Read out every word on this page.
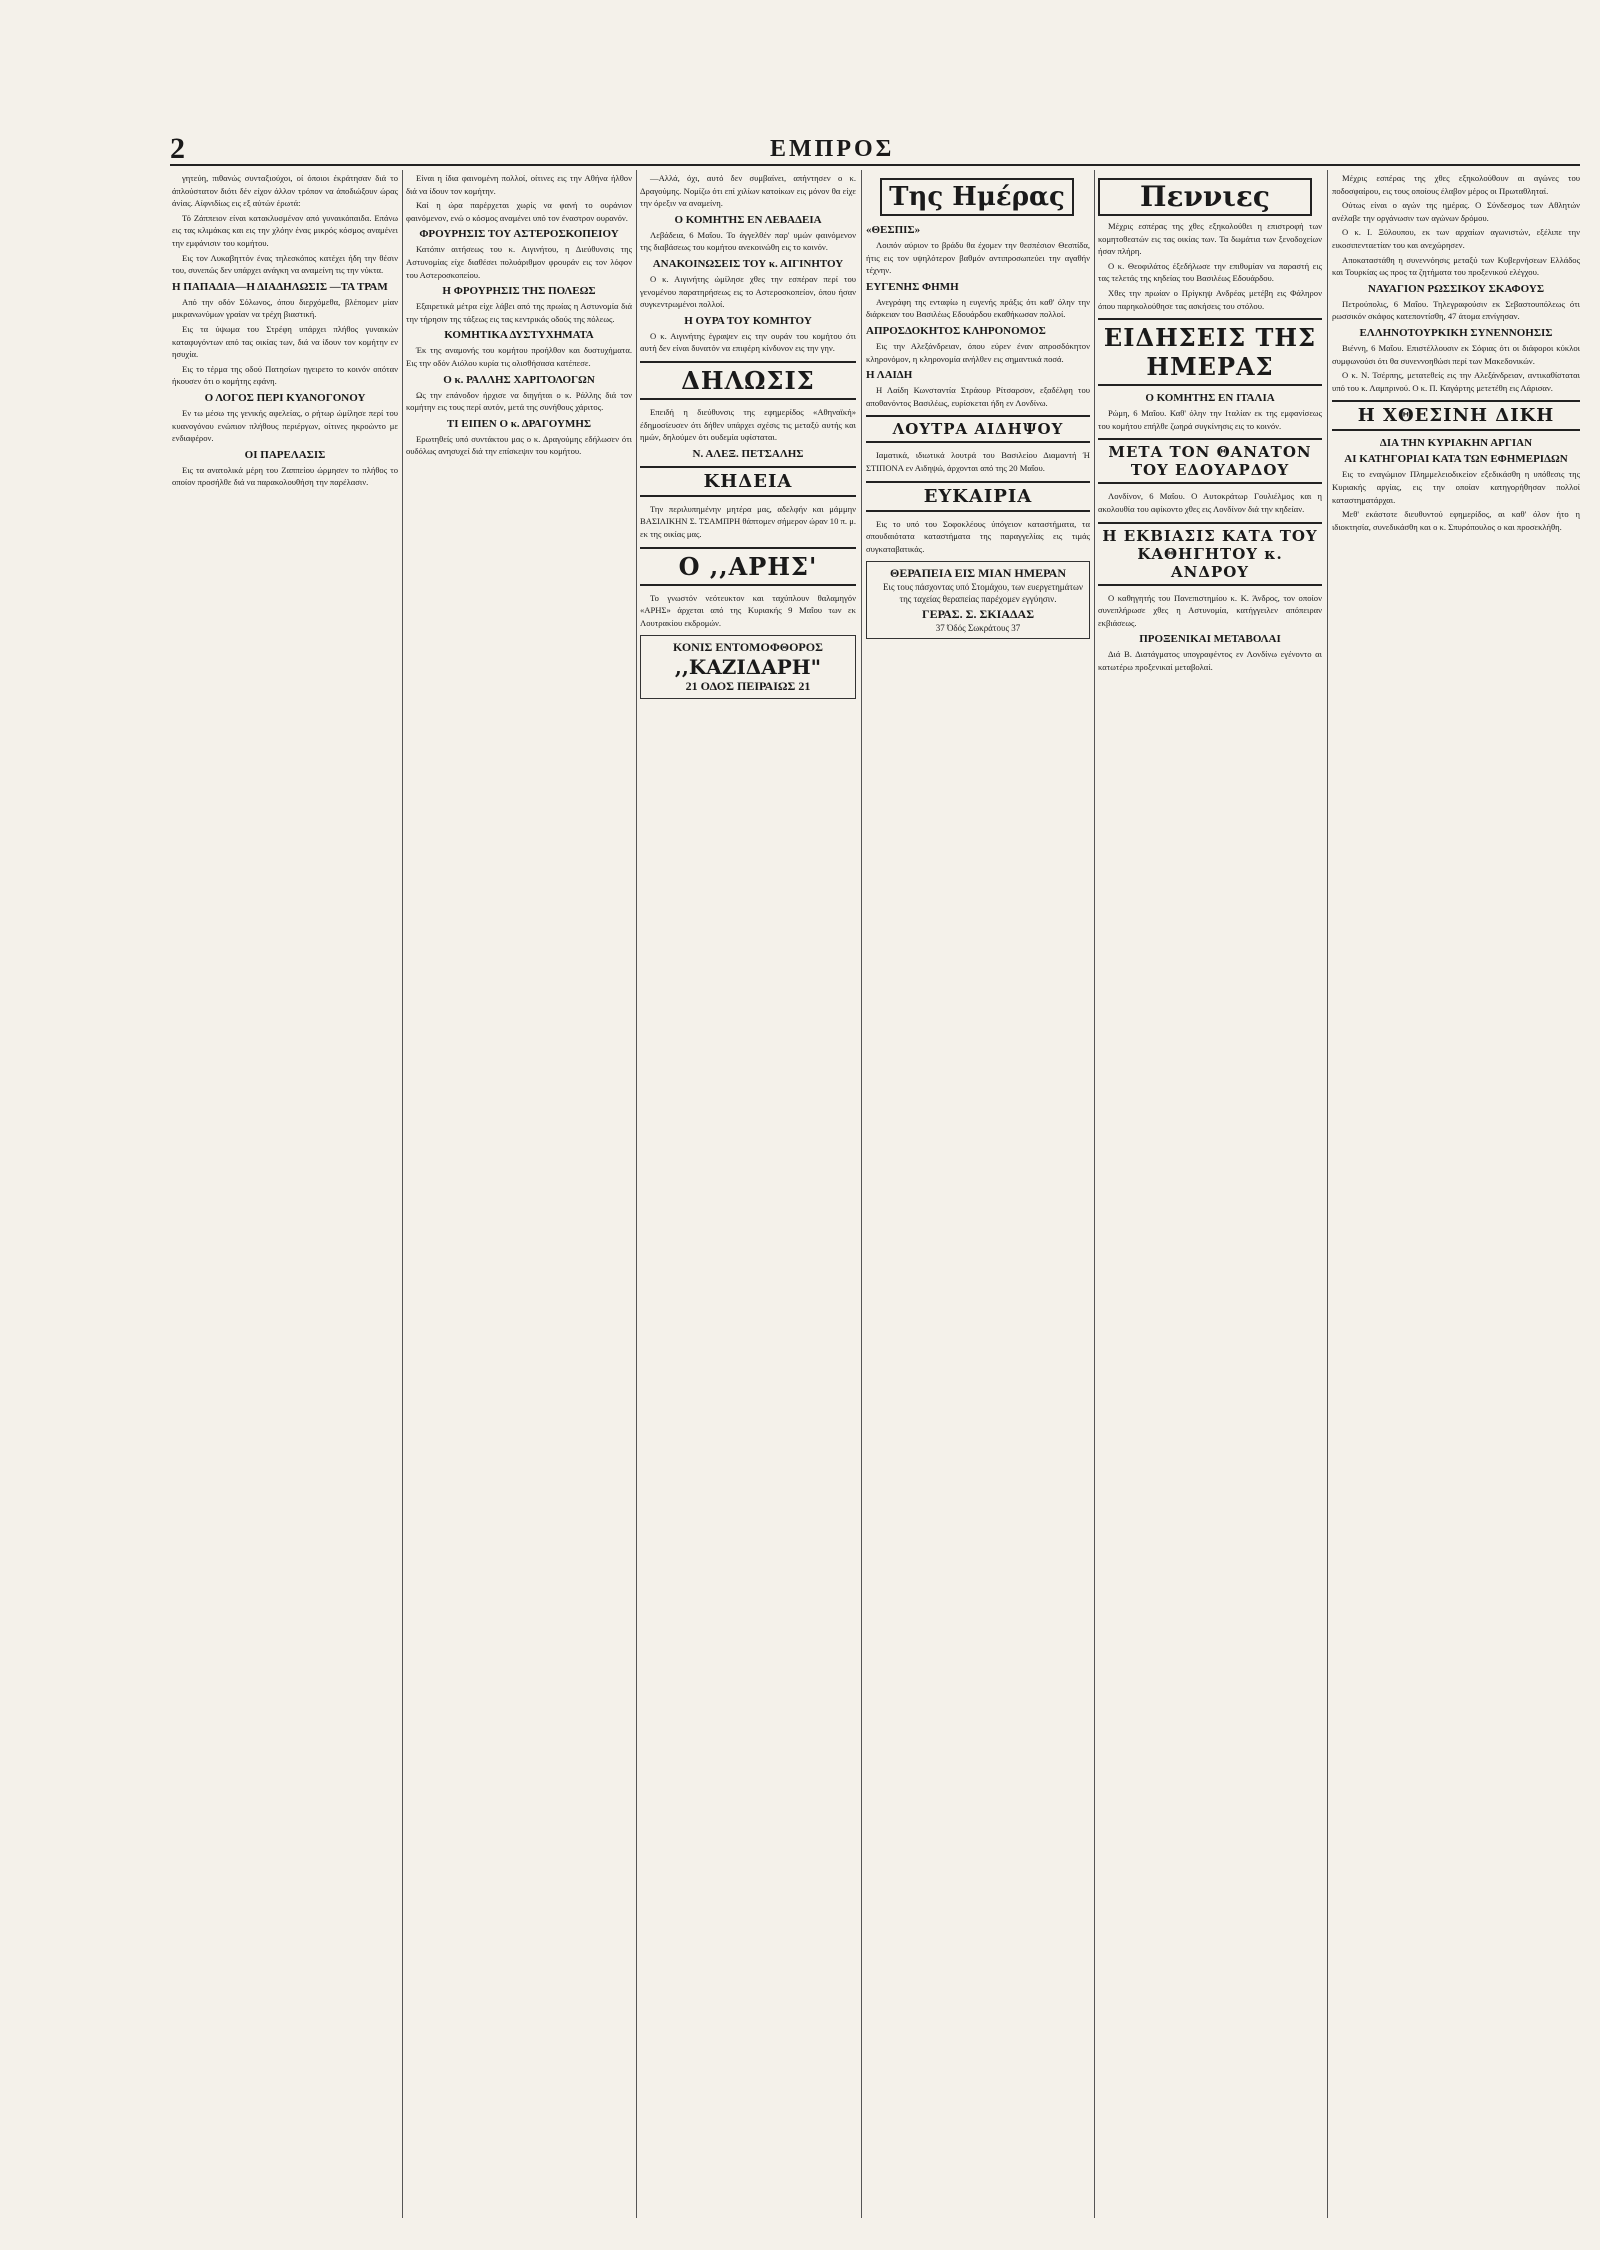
2	ΕΜΠΡΟΣ

γητεύη, πιθανώς συνταξιούχοι, οί όποιοι έκράτησαν διά το άπλούστατον διότι δέν είχον άλλον τρόπον να άποδιώξουν ώρας άνίας. Αίφνιδίως εις εξ αύτών έρωτά:

Τό Ζάππειον είναι κατακλυσμένον από γυναικόπαιδα. Επάνω εις τας κλιμάκας και εις την χλόην ένας μικρός κόσμος αναμένει την εμφάνισιν του κομήτου.

Εις τον Λυκαβηττόν ένας τηλεσκόπος κατέχει ήδη την θέσιν του, συνεπώς δεν υπάρχει ανάγκη να αναμείνη τις την νύκτα.

Η ΠΑΠΑΔΙΑ—Η ΔΙΑΔΗΛΩΣΙΣ —ΤΑ ΤΡΑΜ

Από την οδόν Σόλωνος, όπου διερχόμεθα, βλέπομεν μίαν μικρανωνύμων γραίαν να τρέχη βιαστική.

Εις τα ύψωμα του Στρέφη υπάρχει πλήθος γυναικών καταφυγόντων από τας οικίας των, διά να ίδουν τον κομήτην εν ησυχία.

Εις το τέρμα της οδού Πατησίων ηγειρετο το κοινόν οπόταν ήκουσεν ότι ο κομήτης εφάνη.

Ο ΛΟΓΟΣ ΠΕΡΙ ΚΥΑΝΟΓΟΝΟΥ

Εν τω μέσω της γενικής αφελείας, ο ρήτωρ ώμίλησε περί του κυανογόνου ενώπιον πλήθους περιέργων, οίτινες ηκροώντο με ενδιαφέρον.

ΟΙ ΠΑΡΕΛΑΣΙΣ

Εις τα ανατολικά μέρη του Ζαππείου ώρμησεν το πλήθος το οποίον προσήλθε διά να παρακολουθήση την παρέλασιν.

Είναι η ίδια φαινομένη πολλοί, οίτινες εις την Αθήνα ήλθον διά να ίδουν τον κομήτην.

Καί η ώρα παρέρχεται χωρίς να φανή το ουράνιον φαινόμενον, ενώ ο κόσμος αναμένει υπό τον έναστρον ουρανόν.

ΦΡΟΥΡΗΣΙΣ ΤΟΥ ΑΣΤΕΡΟΣΚΟΠΕΙΟΥ

Κατόπιν αιτήσεως του κ. Αιγινήτου, η Διεύθυνσις της Αστυνομίας είχε διαθέσει πολυάριθμον φρουράν εις τον λόφον του Αστεροσκοπείου.

Η ΦΡΟΥΡΗΣΙΣ ΤΗΣ ΠΟΛΕΩΣ

Εξαιρετικά μέτρα είχε λάβει από της πρωίας η Αστυνομία διά την τήρησιν της τάξεως εις τας κεντρικάς οδούς της πόλεως.

ΚΟΜΗΤΙΚΑ ΔΥΣΤΥΧΗΜΑΤΑ

Έκ της αναμονής του κομήτου προήλθον και δυστυχήματα. Εις την οδόν Αιόλου κυρία τις ολισθήσασα κατέπεσε.

Ο κ. ΡΑΛΛΗΣ ΧΑΡΙΤΟΛΟΓΩΝ

Ως την επάνοδον ήρχισε να διηγήται ο κ. Ράλλης διά τον κομήτην εις τους περί αυτόν, μετά της συνήθους χάριτος.

ΤΙ ΕΙΠΕΝ Ο κ. ΔΡΑΓΟΥΜΗΣ

Ερωτηθείς υπό συντάκτου μας ο κ. Δραγούμης εδήλωσεν ότι ουδόλως ανησυχεί διά την επίσκεψιν του κομήτου.

—Αλλά, όχι, αυτό δεν συμβαίνει, απήντησεν ο κ. Δραγούμης. Νομίζω ότι επί χιλίων κατοίκων εις μόνον θα είχε την όρεξιν να αναμείνη.

Ο ΚΟΜΗΤΗΣ ΕΝ ΛΕΒΑΔΕΙΑ

Λεβάδεια, 6 Μαΐου. Το άγγελθέν παρ' υμών φαινόμενον της διαβάσεως του κομήτου ανεκοινώθη εις το κοινόν.

ΑΝΑΚΟΙΝΩΣΕΙΣ ΤΟΥ κ. ΑΙΓΙΝΗΤΟΥ

Ο κ. Αιγινήτης ώμίλησε χθες την εσπέραν περί του γενομένου παρατηρήσεως εις το Αστεροσκοπείον, όπου ήσαν συγκεντρωμένοι πολλοί.

Η ΟΥΡΑ ΤΟΥ ΚΟΜΗΤΟΥ

Ο κ. Αιγινήτης έγραψεν εις την ουράν του κομήτου ότι αυτή δεν είναι δυνατόν να επιφέρη κίνδυνον εις την γην.

ΔΗΛΩΣΙΣ

Επειδή η διεύθυνσις της εφημερίδος «Αθηναϊκή» έδημοσίευσεν ότι δήθεν υπάρχει σχέσις τις μεταξύ αυτής και ημών, δηλούμεν ότι ουδεμία υφίσταται.

Ν. ΑΛΕΞ. ΠΕΤΣΑΛΗΣ
ΚΗΔΕΙΑ

Την περιλυπημένην μητέρα μας, αδελφήν και μάμμην ΒΑΣΙΛΙΚΗΝ Σ. ΤΣΑΜΠΡΗ θάπτομεν σήμερον ώραν 10 π. μ. εκ της οικίας μας.

Ο ,,ΑΡΗΣ'

Το γνωστόν νεότευκτον και ταχύπλουν θαλαμηγόν «ΑΡΗΣ» άρχεται από της Κυριακής 9 Μαΐου των εκ Λουτρακίου εκδρομών.

ΚΟΝΙΣ ΕΝΤΟΜΟΦΘΟΡΟΣ
,,ΚΑΖΙΔΑΡΗ"
21 ΟΔΟΣ ΠΕΙΡΑΙΩΣ 21
Της Ημέρας
«ΘΕΣΠΙΣ»

Λοιπόν αύριον το βράδυ θα έχομεν την θεσπέσιον Θεσπίδα, ήτις εις τον υψηλότερον βαθμόν αντιπροσωπεύει την αγαθήν τέχνην.

ΕΥΓΕΝΗΣ ΦΗΜΗ

Ανεγράφη της ενταφίω η ευγενής πράξις ότι καθ' όλην την διάρκειαν του Βασιλέως Εδουάρδου εκαθήκωσαν πολλοί.

ΑΠΡΟΣΔΟΚΗΤΟΣ ΚΛΗΡΟΝΟΜΟΣ

Εις την Αλεξάνδρειαν, όπου εύρεν έναν απροσδόκητον κληρονόμον, η κληρονομία ανήλθεν εις σημαντικά ποσά.

Η ΛΑΙΔΗ

Η Λαίδη Κωνσταντία Στράουρ Ρίτσαρσον, εξαδέλφη του αποθανόντος Βασιλέως, ευρίσκεται ήδη εν Λονδίνω.

ΛΟΥΤΡΑ ΑΙΔΗΨΟΥ

Ιαματικά, ιδιωτικά λουτρά του Βασιλείου Διαμαντή Ή ΣΤΙΠΟΝΑ εν Αιδηψώ, άρχονται από της 20 Μαΐου.

ΕΥΚΑΙΡΙΑ

Εις το υπό του Σοφοκλέους ύπόγειον καταστήματα, τα σπουδαιότατα καταστήματα της παραγγελίας εις τιμάς συγκαταβατικάς.

ΘΕΡΑΠΕΙΑ ΕΙΣ ΜΙΑΝ ΗΜΕΡΑΝ

Εις τους πάσχοντας υπό Στομάχου, των ευεργετημάτων της ταχείας θεραπείας παρέχομεν εγγύησιν.

ΓΕΡΑΣ. Σ. ΣΚΙΑΔΑΣ
37 Όδός Σωκράτους 37
Πεννιες

Μέχρις εσπέρας της χθες εξηκολούθει η επιστροφή των κομητοθεατών εις τας οικίας των. Τα δωμάτια των ξενοδοχείων ήσαν πλήρη.

Ο κ. Θεοφιλάτος έξεδήλωσε την επιθυμίαν να παραστή εις τας τελετάς της κηδείας του Βασιλέως Εδουάρδου.

Χθες την πρωίαν ο Πρίγκηψ Ανδρέας μετέβη εις Φάληρον όπου παρηκολούθησε τας ασκήσεις του στόλου.

ΕΙΔΗΣΕΙΣ ΤΗΣ ΗΜΕΡΑΣ
Ο ΚΟΜΗΤΗΣ ΕΝ ΙΤΑΛΙΑ

Ρώμη, 6 Μαΐου. Καθ' όλην την Ιταλίαν εκ της εμφανίσεως του κομήτου επήλθε ζωηρά συγκίνησις εις το κοινόν.

ΜΕΤΑ ΤΟΝ ΘΑΝΑΤΟΝ ΤΟΥ ΕΔΟΥΑΡΔΟΥ

Λονδίνον, 6 Μαΐου. Ο Αυτοκράτωρ Γουλιέλμος και η ακολουθία του αφίκοντο χθες εις Λονδίνον διά την κηδείαν.

Η ΕΚΒΙΑΣΙΣ ΚΑΤΑ ΤΟΥ ΚΑΘΗΓΗΤΟΥ κ. ΑΝΔΡΟΥ

Ο καθηγητής του Πανεπιστημίου κ. Κ. Άνδρος, τον οποίον συνεπλήρωσε χθες η Αστυνομία, κατήγγειλεν απόπειραν εκβιάσεως.

ΠΡΟΞΕΝΙΚΑΙ ΜΕΤΑΒΟΛΑΙ

Διά Β. Διατάγματος υπογραφέντος εν Λονδίνω εγένοντο αι κατωτέρω προξενικαί μεταβολαί.

Μέχρις εσπέρας της χθες εξηκολούθουν αι αγώνες του ποδοσφαίρου, εις τους οποίους έλαβον μέρος οι Πρωταθληταί.

Ούτως είναι ο αγών της ημέρας. Ο Σύνδεσμος των Αθλητών ανέλαβε την οργάνωσιν των αγώνων δρόμου.

Ο κ. Ι. Ξύλουπου, εκ των αρχαίων αγωνιστών, εξέλιπε την εικοσιπενταετίαν του και ανεχώρησεν.

Αποκαταστάθη η συνεννόησις μεταξύ των Κυβερνήσεων Ελλάδος και Τουρκίας ως προς τα ζητήματα του προξενικού ελέγχου.

ΝΑΥΑΓΙΟΝ ΡΩΣΣΙΚΟΥ ΣΚΑΦΟΥΣ

Πετρούπολις, 6 Μαΐου. Τηλεγραφούσιν εκ Σεβαστουπόλεως ότι ρωσσικόν σκάφος κατεποντίσθη, 47 άτομα επνίγησαν.

ΕΛΛΗΝΟΤΟΥΡΚΙΚΗ ΣΥΝΕΝΝΟΗΣΙΣ

Βιέννη, 6 Μαΐου. Επιστέλλουσιν εκ Σόφιας ότι οι διάφοροι κύκλοι συμφωνούσι ότι θα συνεννοηθώσι περί των Μακεδονικών.

Ο κ. Ν. Τσέρπης, μετατεθείς εις την Αλεξάνδρειαν, αντικαθίσταται υπό του κ. Λαμπρινού. Ο κ. Π. Καγάρτης μετετέθη εις Λάρισαν.

Η ΧΘΕΣΙΝΗ ΔΙΚΗ
ΔΙΑ ΤΗΝ ΚΥΡΙΑΚΗΝ ΑΡΓΙΑΝ
ΑΙ ΚΑΤΗΓΟΡΙΑΙ ΚΑΤΑ ΤΩΝ ΕΦΗΜΕΡΙΔΩΝ

Εις το εναγώμιον Πλημμελειοδικείον εξεδικάσθη η υπόθεσις της Κυριακής αργίας, εις την οποίαν κατηγορήθησαν πολλοί καταστηματάρχαι.

Μεθ' εκάστοτε διευθυντού εφημερίδος, αι καθ' όλον ήτο η ιδιοκτησία, συνεδικάσθη και ο κ. Σπυρόπουλος ο και προσεκλήθη.
